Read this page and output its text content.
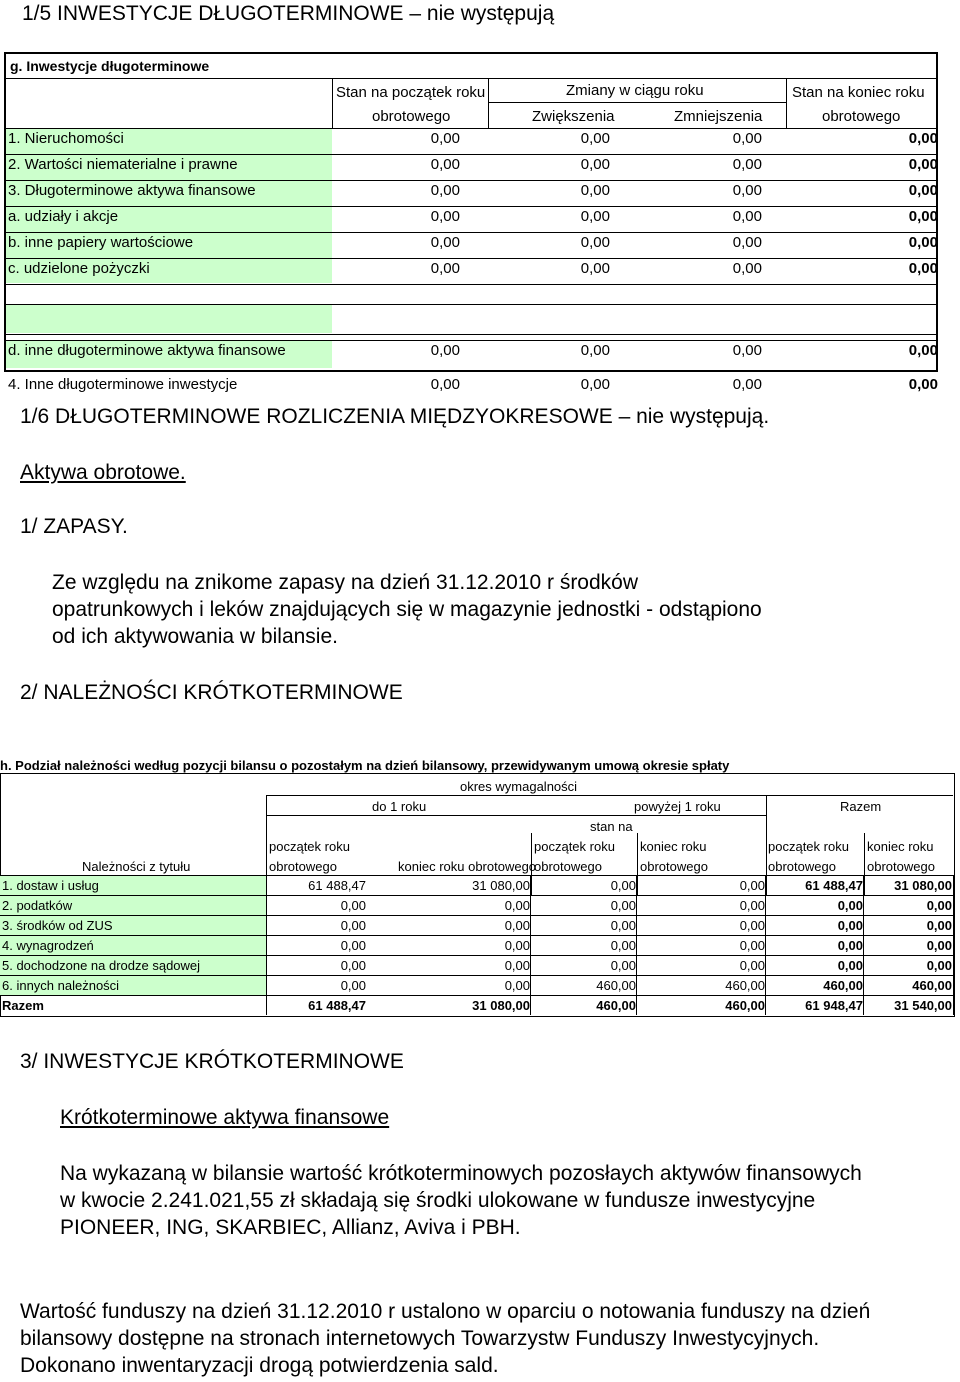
1/5 INWESTYCJE DŁUGOTERMINOWE – nie występują
g. Inwestycje długoterminowe
Stan na początek roku
obrotowego
Zmiany w ciągu roku
Zwiększenia	Zmniejszenia
Stan na koniec roku
obrotowego
1. Nieruchomości	0,00	0,00	0,00	0,00
2. Wartości niematerialne i prawne	0,00	0,00	0,00	0,00
3. Długoterminowe aktywa finansowe	0,00	0,00	0,00	0,00
a. udziały i akcje	0,00	0,00	0,00	0,00
b. inne papiery wartościowe	0,00	0,00	0,00	0,00
c. udzielone pożyczki	0,00	0,00	0,00	0,00
d. inne długoterminowe aktywa finansowe	0,00	0,00	0,00	0,00
4. Inne długoterminowe inwestycje	0,00	0,00	0,00	0,00
1/6 DŁUGOTERMINOWE ROZLICZENIA MIĘDZYOKRESOWE – nie występują.
Aktywa obrotowe.
1/ ZAPASY.
Ze względu na znikome zapasy na dzień 31.12.2010 r środków opatrunkowych i leków znajdujących się w magazynie jednostki - odstąpiono od ich aktywowania w bilansie.
2/ NALEŻNOŚCI KRÓTKOTERMINOWE
h. Podział należności według pozycji bilansu o pozostałym na dzień bilansowy, przewidywanym umową okresie spłaty
okres wymagalności
do 1 roku	powyżej 1 roku	Razem
stan na
początek roku
obrotowego	koniec roku obrotowego
początek roku
obrotowego
koniec roku
obrotowego
początek roku
obrotowego
koniec roku
obrotowego
Należności z tytułu
1. dostaw i usług	61 488,47	31 080,00	0,00	0,00	61 488,47	31 080,00
2. podatków	0,00	0,00	0,00	0,00	0,00	0,00
3. środków od ZUS	0,00	0,00	0,00	0,00	0,00	0,00
4. wynagrodzeń	0,00	0,00	0,00	0,00	0,00	0,00
5. dochodzone na drodze sądowej	0,00	0,00	0,00	0,00	0,00	0,00
6. innych należności	0,00	0,00	460,00	460,00	460,00	460,00
Razem	61 488,47	31 080,00	460,00	460,00	61 948,47	31 540,00
3/ INWESTYCJE KRÓTKOTERMINOWE
Krótkoterminowe aktywa finansowe
Na wykazaną w bilansie wartość krótkoterminowych pozosłaych aktywów finansowych w kwocie 2.241.021,55 zł składają się środki ulokowane w fundusze inwestycyjne PIONEER, ING, SKARBIEC, Allianz, Aviva i PBH.
Wartość funduszy na dzień 31.12.2010 r ustalono w oparciu o notowania funduszy na dzień bilansowy dostępne na stronach internetowych Towarzystw Funduszy Inwestycyjnych. Dokonano inwentaryzacji drogą potwierdzenia sald.
